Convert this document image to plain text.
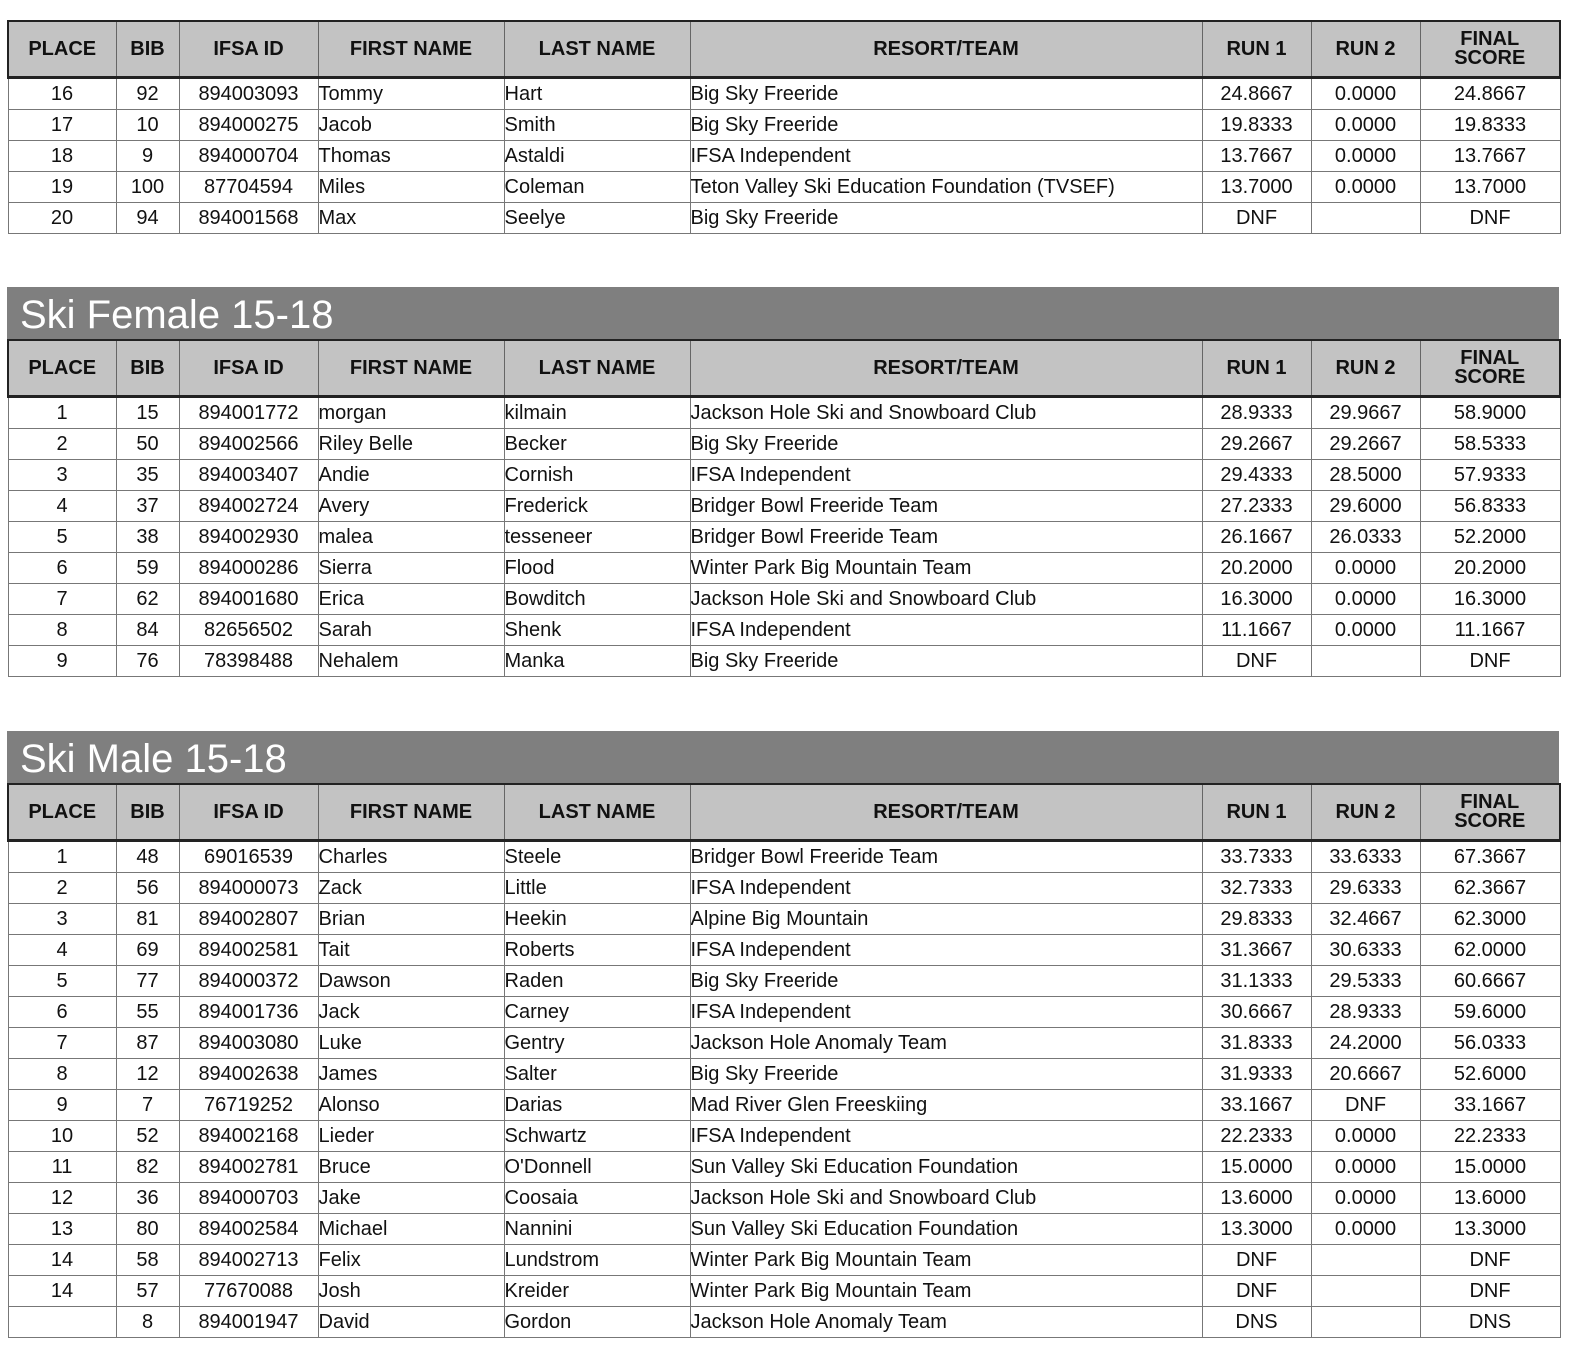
PLACE	BIB	IFSA ID	FIRST NAME	LAST NAME	RESORT/TEAM	RUN 1	RUN 2	FINAL SCORE
16	92	894003093	Tommy	Hart	Big Sky Freeride	24.8667	0.0000	24.8667
17	10	894000275	Jacob	Smith	Big Sky Freeride	19.8333	0.0000	19.8333
18	9	894000704	Thomas	Astaldi	IFSA Independent	13.7667	0.0000	13.7667
19	100	87704594	Miles	Coleman	Teton Valley Ski Education Foundation (TVSEF)	13.7000	0.0000	13.7000
20	94	894001568	Max	Seelye	Big Sky Freeride	DNF		DNF
Ski Female 15-18
PLACE	BIB	IFSA ID	FIRST NAME	LAST NAME	RESORT/TEAM	RUN 1	RUN 2	FINAL SCORE
1	15	894001772	morgan	kilmain	Jackson Hole Ski and Snowboard Club	28.9333	29.9667	58.9000
2	50	894002566	Riley Belle	Becker	Big Sky Freeride	29.2667	29.2667	58.5333
3	35	894003407	Andie	Cornish	IFSA Independent	29.4333	28.5000	57.9333
4	37	894002724	Avery	Frederick	Bridger Bowl Freeride Team	27.2333	29.6000	56.8333
5	38	894002930	malea	tesseneer	Bridger Bowl Freeride Team	26.1667	26.0333	52.2000
6	59	894000286	Sierra	Flood	Winter Park Big Mountain Team	20.2000	0.0000	20.2000
7	62	894001680	Erica	Bowditch	Jackson Hole Ski and Snowboard Club	16.3000	0.0000	16.3000
8	84	82656502	Sarah	Shenk	IFSA Independent	11.1667	0.0000	11.1667
9	76	78398488	Nehalem	Manka	Big Sky Freeride	DNF		DNF
Ski Male 15-18
PLACE	BIB	IFSA ID	FIRST NAME	LAST NAME	RESORT/TEAM	RUN 1	RUN 2	FINAL SCORE
1	48	69016539	Charles	Steele	Bridger Bowl Freeride Team	33.7333	33.6333	67.3667
2	56	894000073	Zack	Little	IFSA Independent	32.7333	29.6333	62.3667
3	81	894002807	Brian	Heekin	Alpine Big Mountain	29.8333	32.4667	62.3000
4	69	894002581	Tait	Roberts	IFSA Independent	31.3667	30.6333	62.0000
5	77	894000372	Dawson	Raden	Big Sky Freeride	31.1333	29.5333	60.6667
6	55	894001736	Jack	Carney	IFSA Independent	30.6667	28.9333	59.6000
7	87	894003080	Luke	Gentry	Jackson Hole Anomaly Team	31.8333	24.2000	56.0333
8	12	894002638	James	Salter	Big Sky Freeride	31.9333	20.6667	52.6000
9	7	76719252	Alonso	Darias	Mad River Glen Freeskiing	33.1667	DNF	33.1667
10	52	894002168	Lieder	Schwartz	IFSA Independent	22.2333	0.0000	22.2333
11	82	894002781	Bruce	O'Donnell	Sun Valley Ski Education Foundation	15.0000	0.0000	15.0000
12	36	894000703	Jake	Coosaia	Jackson Hole Ski and Snowboard Club	13.6000	0.0000	13.6000
13	80	894002584	Michael	Nannini	Sun Valley Ski Education Foundation	13.3000	0.0000	13.3000
14	58	894002713	Felix	Lundstrom	Winter Park Big Mountain Team	DNF		DNF
14	57	77670088	Josh	Kreider	Winter Park Big Mountain Team	DNF		DNF
	8	894001947	David	Gordon	Jackson Hole Anomaly Team	DNS		DNS
